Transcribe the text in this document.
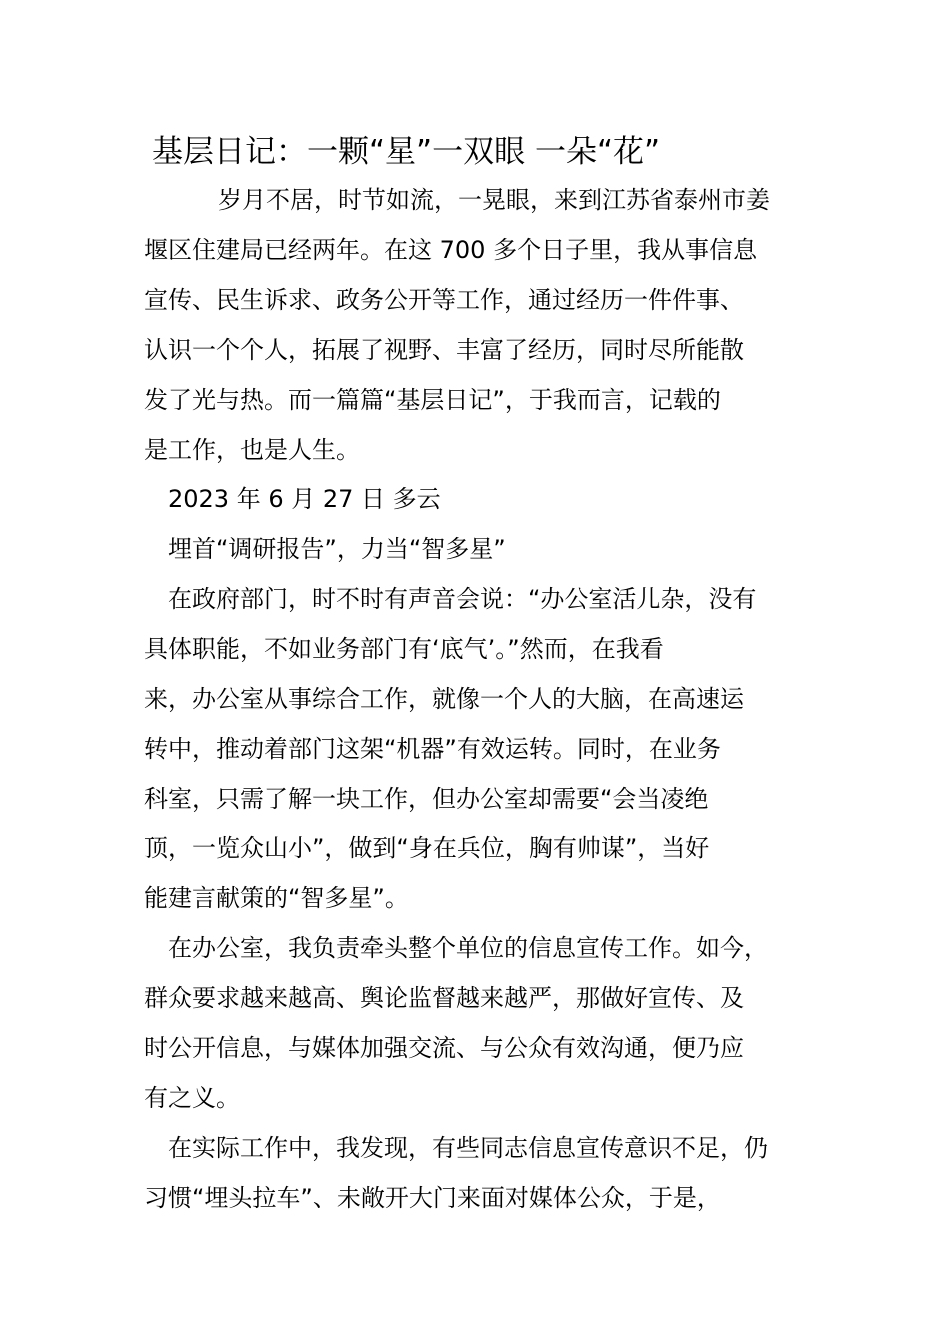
基层日记：一颗“星”一双眼 一朵“花”

岁月不居，时节如流，一晃眼，来到江苏省泰州市姜

堰区住建局已经两年。在这 700 多个日子里，我从事信息

宣传、民生诉求、政务公开等工作，通过经历一件件事、

认识一个个人，拓展了视野、丰富了经历，同时尽所能散

发了光与热。而一篇篇“基层日记”，于我而言，记载的

是工作，也是人生。

2023 年 6 月 27 日 多云

埋首“调研报告”，力当“智多星”

在政府部门，时不时有声音会说：“办公室活儿杂，没有

具体职能，不如业务部门有‘底气’。”然而，在我看

来，办公室从事综合工作，就像一个人的大脑，在高速运

转中，推动着部门这架“机器”有效运转。同时，在业务

科室，只需了解一块工作，但办公室却需要“会当凌绝

顶，一览众山小”，做到“身在兵位，胸有帅谋”，当好

能建言献策的“智多星”。

在办公室，我负责牵头整个单位的信息宣传工作。如今，

群众要求越来越高、舆论监督越来越严，那做好宣传、及

时公开信息，与媒体加强交流、与公众有效沟通，便乃应

有之义。

在实际工作中，我发现，有些同志信息宣传意识不足，仍

习惯“埋头拉车”、未敞开大门来面对媒体公众，于是，
